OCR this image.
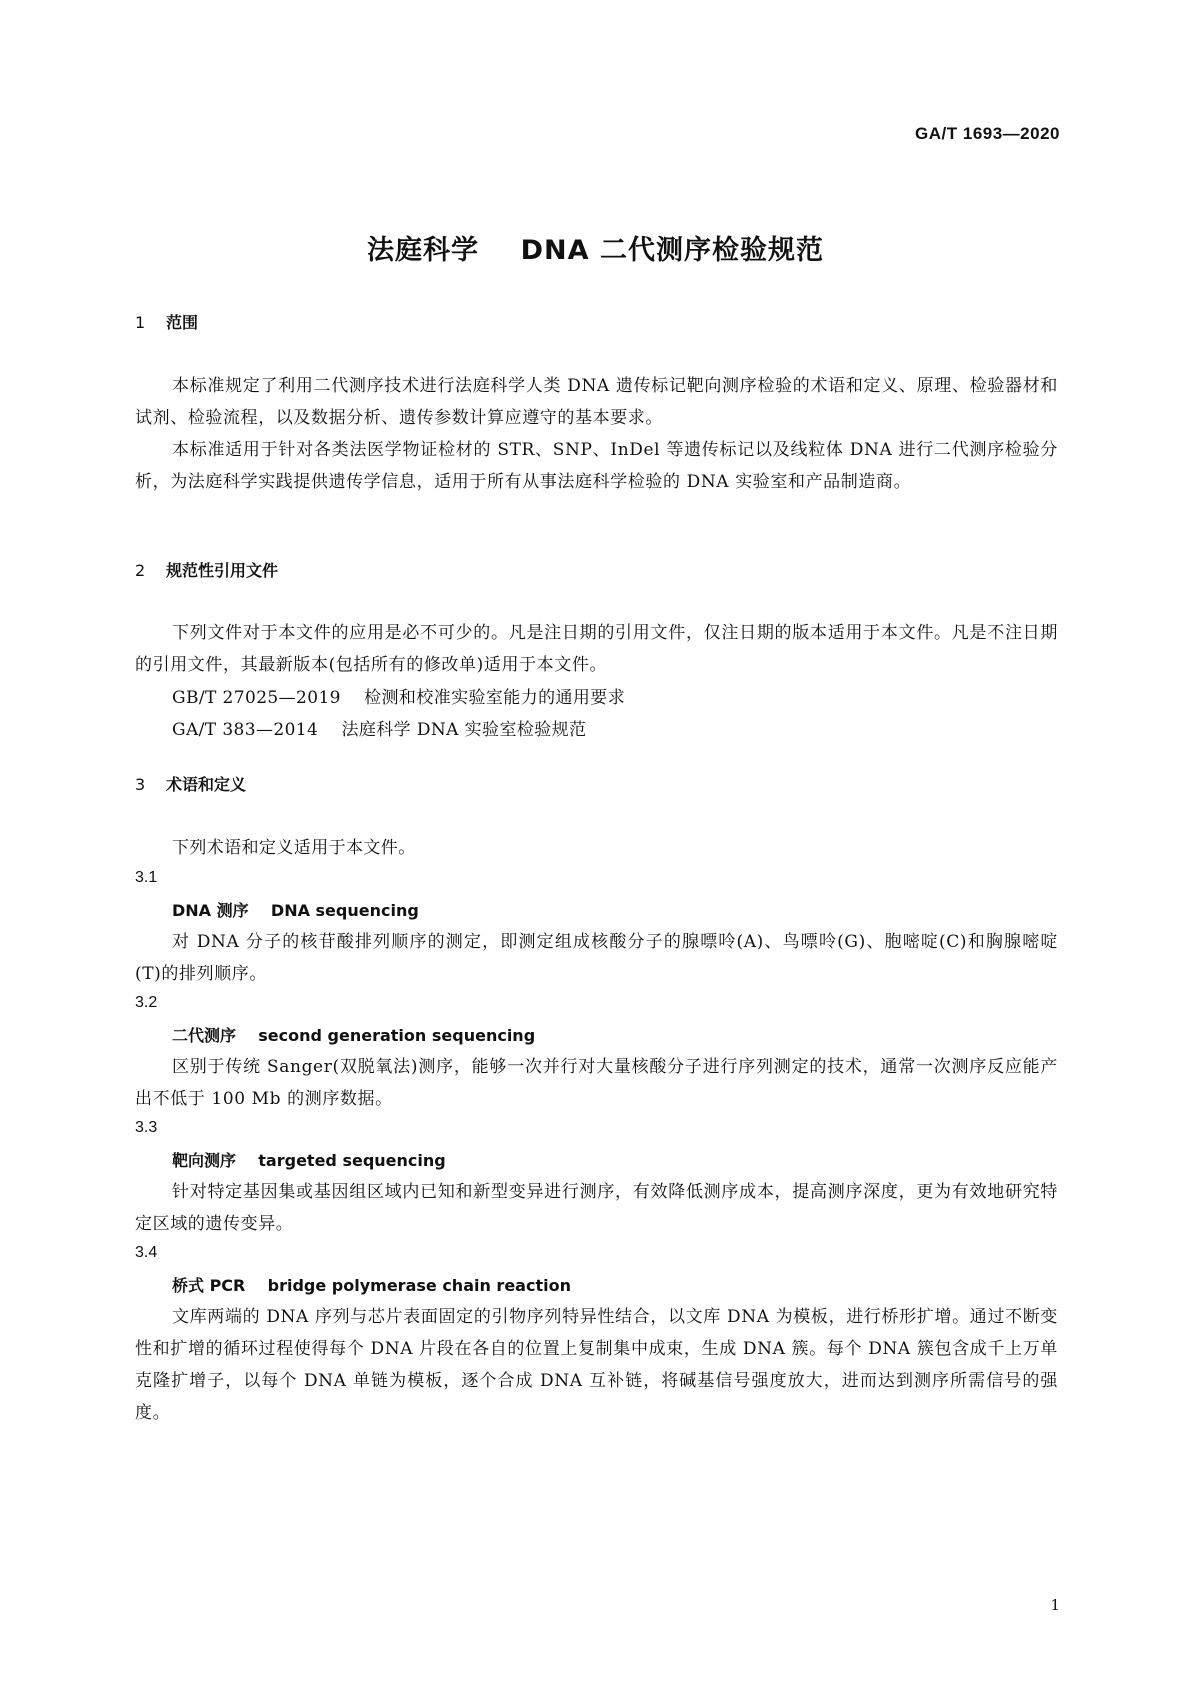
GA/T 1693—2020
法庭科学    DNA 二代测序检验规范
1 范围
本标准规定了利用二代测序技术进行法庭科学人类 DNA 遗传标记靶向测序检验的术语和定义、原理、检验器材和试剂、检验流程，以及数据分析、遗传参数计算应遵守的基本要求。
本标准适用于针对各类法医学物证检材的 STR、SNP、InDel 等遗传标记以及线粒体 DNA 进行二代测序检验分析，为法庭科学实践提供遗传学信息，适用于所有从事法庭科学检验的 DNA 实验室和产品制造商。
2 规范性引用文件
下列文件对于本文件的应用是必不可少的。凡是注日期的引用文件，仅注日期的版本适用于本文件。凡是不注日期的引用文件，其最新版本(包括所有的修改单)适用于本文件。
GB/T 27025—2019    检测和校准实验室能力的通用要求
GA/T 383—2014    法庭科学 DNA 实验室检验规范
3 术语和定义
下列术语和定义适用于本文件。
3.1
DNA 测序    DNA sequencing
对 DNA 分子的核苷酸排列顺序的测定，即测定组成核酸分子的腺嘌呤(A)、鸟嘌呤(G)、胞嘧啶(C)和胸腺嘧啶(T)的排列顺序。
3.2
二代测序    second generation sequencing
区别于传统 Sanger(双脱氧法)测序，能够一次并行对大量核酸分子进行序列测定的技术，通常一次测序反应能产出不低于 100 Mb 的测序数据。
3.3
靶向测序    targeted sequencing
针对特定基因集或基因组区域内已知和新型变异进行测序，有效降低测序成本，提高测序深度，更为有效地研究特定区域的遗传变异。
3.4
桥式 PCR    bridge polymerase chain reaction
文库两端的 DNA 序列与芯片表面固定的引物序列特异性结合，以文库 DNA 为模板，进行桥形扩增。通过不断变性和扩增的循环过程使得每个 DNA 片段在各自的位置上复制集中成束，生成 DNA 簇。每个 DNA 簇包含成千上万单克隆扩增子，以每个 DNA 单链为模板，逐个合成 DNA 互补链，将碱基信号强度放大，进而达到测序所需信号的强度。
1
